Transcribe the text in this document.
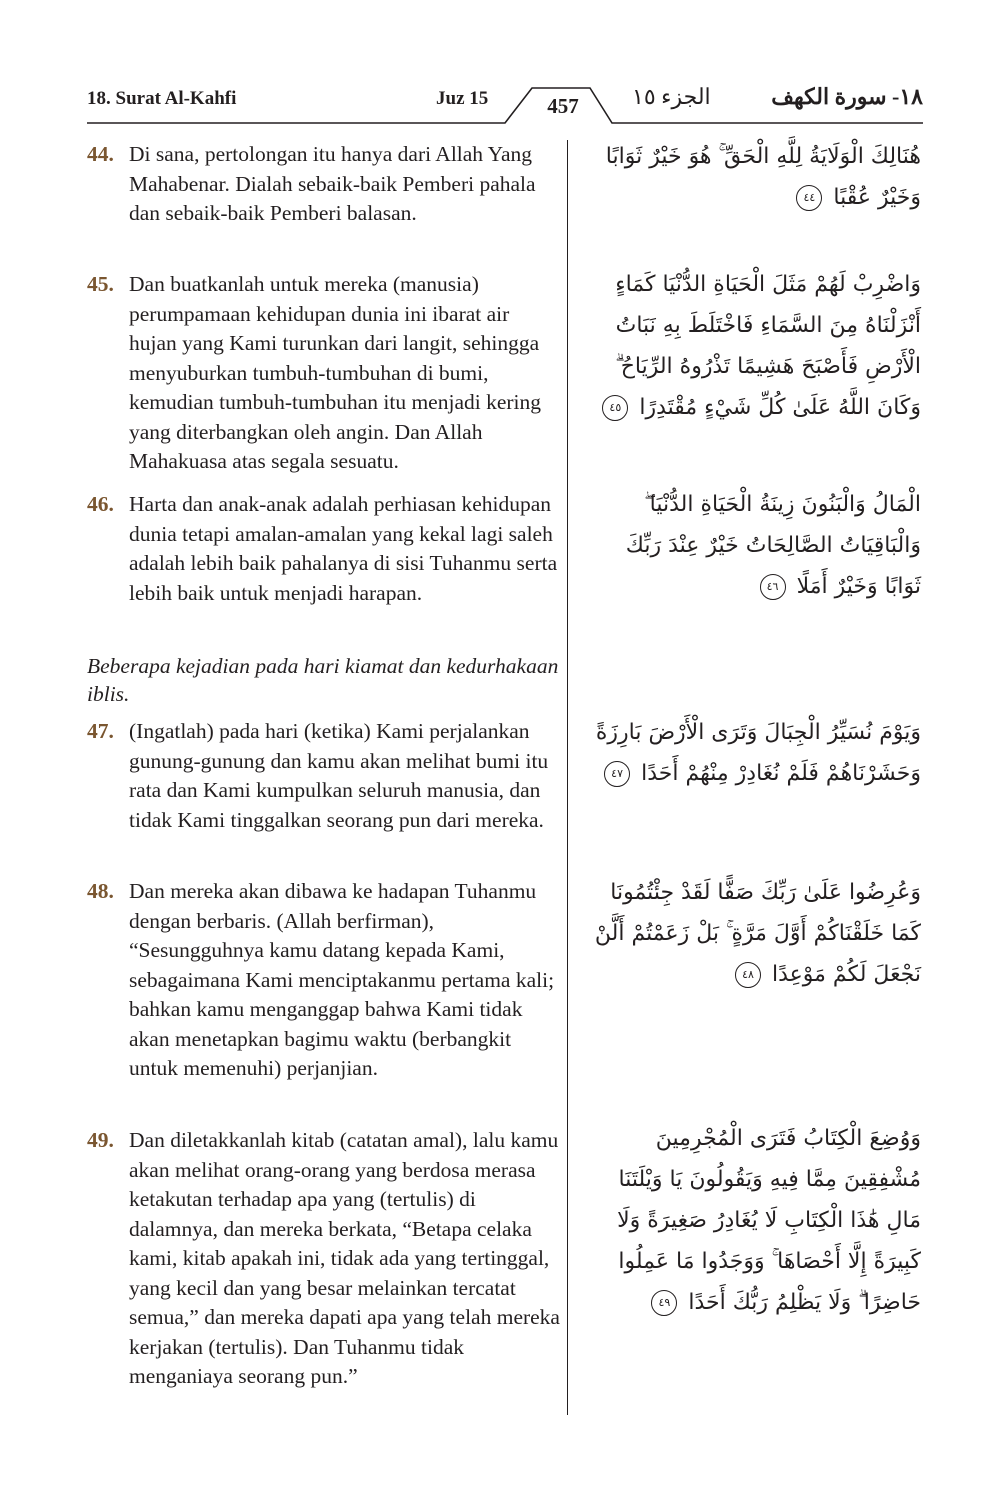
18. Surat Al-Kahfi	Juz 15	الجزء ١٥	١٨- سورة الكهف
457
44. Di sana, pertolongan itu hanya dari Allah Yang Mahabenar. Dialah sebaik-baik Pemberi pahala dan sebaik-baik Pemberi balasan.
45. Dan buatkanlah untuk mereka (manusia) perumpamaan kehidupan dunia ini ibarat air hujan yang Kami turunkan dari langit, sehingga menyuburkan tumbuh-tumbuhan di bumi, kemudian tumbuh-tumbuhan itu menjadi kering yang diterbangkan oleh angin. Dan Allah Mahakuasa atas segala sesuatu.
46. Harta dan anak-anak adalah perhiasan kehidupan dunia tetapi amalan-amalan yang kekal lagi saleh adalah lebih baik pahalanya di sisi Tuhanmu serta lebih baik untuk menjadi harapan.
Beberapa kejadian pada hari kiamat dan kedurhakaan iblis.
47. (Ingatlah) pada hari (ketika) Kami perjalankan gunung-gunung dan kamu akan melihat bumi itu rata dan Kami kumpulkan seluruh manusia, dan tidak Kami tinggalkan seorang pun dari mereka.
48. Dan mereka akan dibawa ke hadapan Tuhanmu dengan berbaris. (Allah berfirman), “Sesungguhnya kamu datang kepada Kami, sebagaimana Kami menciptakanmu pertama kali; bahkan kamu menganggap bahwa Kami tidak akan menetapkan bagimu waktu (berbangkit untuk memenuhi) perjanjian.
49. Dan diletakkanlah kitab (catatan amal), lalu kamu akan melihat orang-orang yang berdosa merasa ketakutan terhadap apa yang (tertulis) di dalamnya, dan mereka berkata, “Betapa celaka kami, kitab apakah ini, tidak ada yang tertinggal, yang kecil dan yang besar melainkan tercatat semua,” dan mereka dapati apa yang telah mereka kerjakan (tertulis). Dan Tuhanmu tidak menganiaya seorang pun.”
هُنَالِكَ الْوَلَايَةُ لِلَّهِ الْحَقِّ ۚ هُوَ خَيْرٌ ثَوَابًا وَخَيْرٌ عُقْبًا ٤٤
وَاضْرِبْ لَهُمْ مَثَلَ الْحَيَاةِ الدُّنْيَا كَمَاءٍ أَنْزَلْنَاهُ مِنَ السَّمَاءِ فَاخْتَلَطَ بِهِ نَبَاتُ الْأَرْضِ فَأَصْبَحَ هَشِيمًا تَذْرُوهُ الرِّيَاحُ ۗ وَكَانَ اللَّهُ عَلَىٰ كُلِّ شَيْءٍ مُقْتَدِرًا ٤٥
الْمَالُ وَالْبَنُونَ زِينَةُ الْحَيَاةِ الدُّنْيَا ۖ وَالْبَاقِيَاتُ الصَّالِحَاتُ خَيْرٌ عِنْدَ رَبِّكَ ثَوَابًا وَخَيْرٌ أَمَلًا ٤٦
وَيَوْمَ نُسَيِّرُ الْجِبَالَ وَتَرَى الْأَرْضَ بَارِزَةً وَحَشَرْنَاهُمْ فَلَمْ نُغَادِرْ مِنْهُمْ أَحَدًا ٤٧
وَعُرِضُوا عَلَىٰ رَبِّكَ صَفًّا لَقَدْ جِئْتُمُونَا كَمَا خَلَقْنَاكُمْ أَوَّلَ مَرَّةٍ ۚ بَلْ زَعَمْتُمْ أَلَّنْ نَجْعَلَ لَكُمْ مَوْعِدًا ٤٨
وَوُضِعَ الْكِتَابُ فَتَرَى الْمُجْرِمِينَ مُشْفِقِينَ مِمَّا فِيهِ وَيَقُولُونَ يَا وَيْلَتَنَا مَالِ هَٰذَا الْكِتَابِ لَا يُغَادِرُ صَغِيرَةً وَلَا كَبِيرَةً إِلَّا أَحْصَاهَا ۚ وَوَجَدُوا مَا عَمِلُوا حَاضِرًا ۗ وَلَا يَظْلِمُ رَبُّكَ أَحَدًا ٤٩
